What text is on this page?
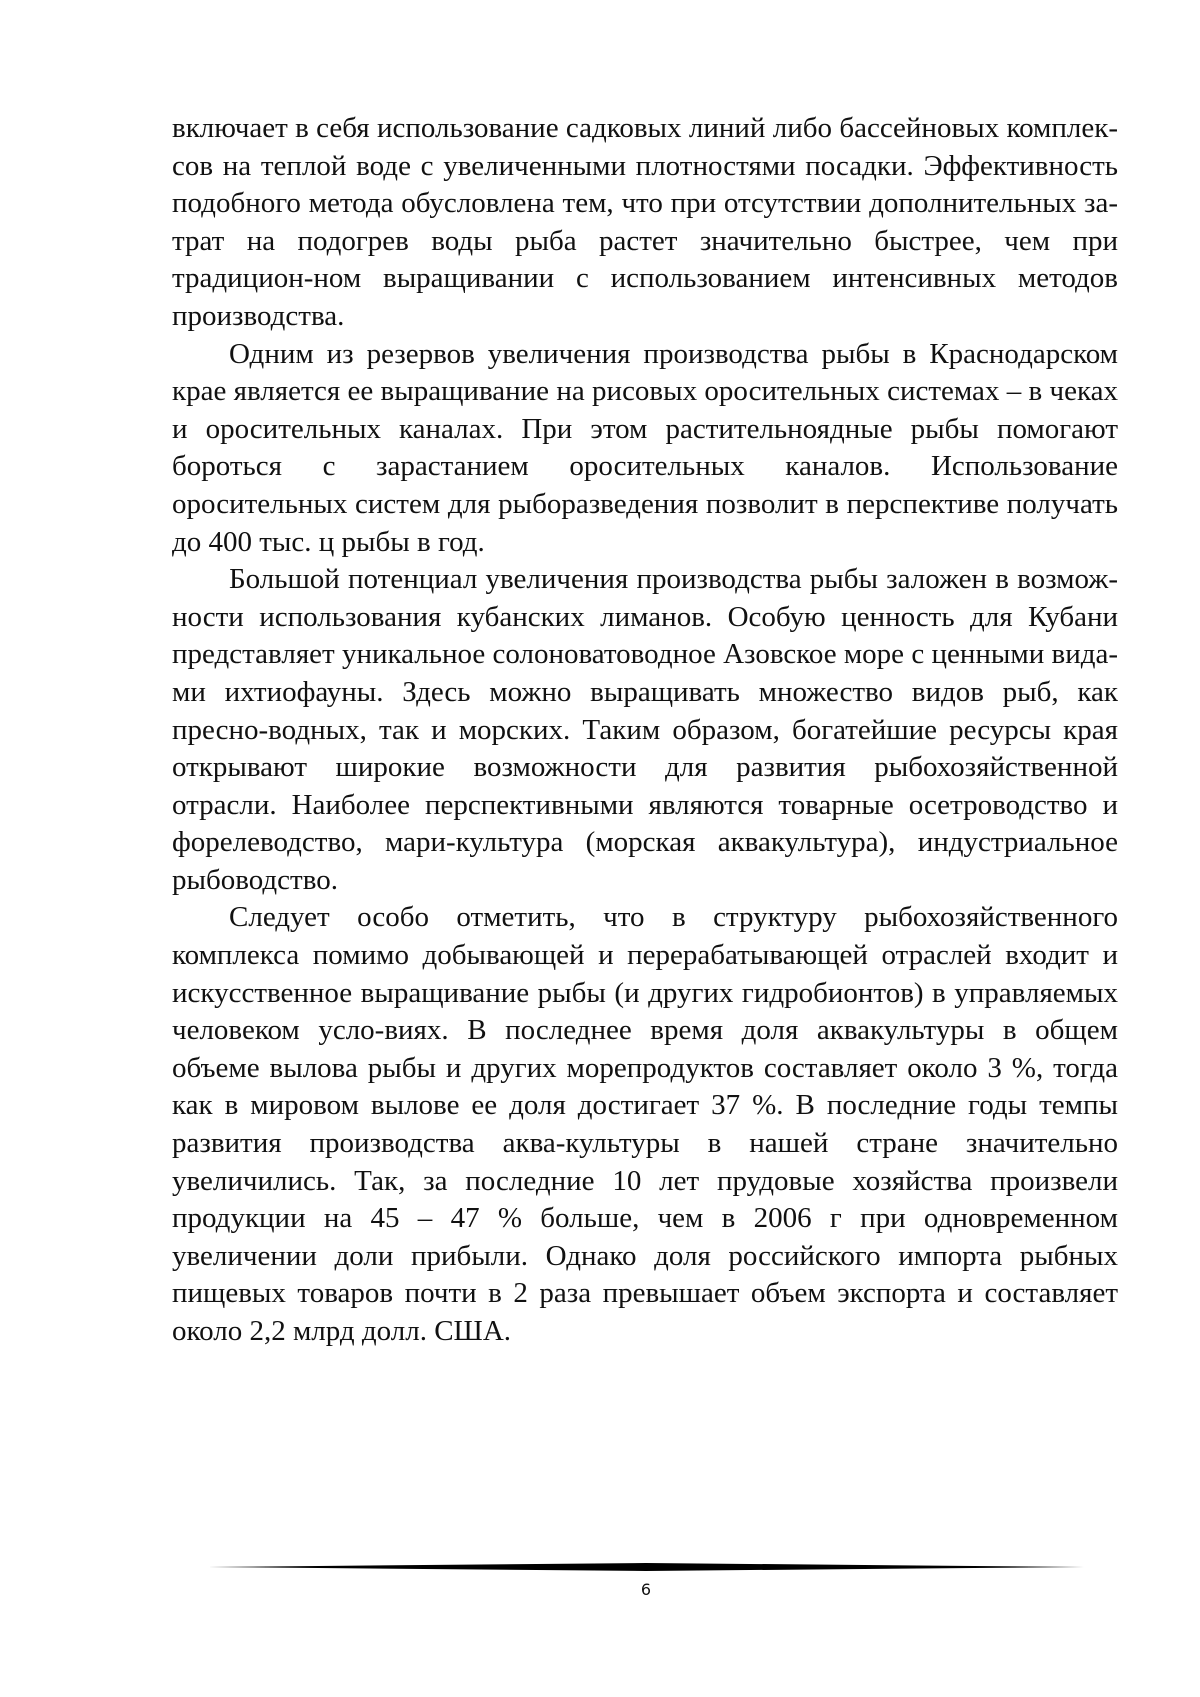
включает в себя использование садковых линий либо бассейновых комплек-сов на теплой воде с увеличенными плотностями посадки. Эффективность подобного метода обусловлена тем, что при отсутствии дополнительных за-трат на подогрев воды рыба растет значительно быстрее, чем при традицион-ном выращивании с использованием интенсивных методов производства.

Одним из резервов увеличения производства рыбы в Краснодарском крае является ее выращивание на рисовых оросительных системах – в чеках и оросительных каналах. При этом растительноядные рыбы помогают бороться с зарастанием оросительных каналов. Использование оросительных систем для рыборазведения позволит в перспективе получать до 400 тыс. ц рыбы в год.

Большой потенциал увеличения производства рыбы заложен в возмож-ности использования кубанских лиманов. Особую ценность для Кубани представляет уникальное солоноватоводное Азовское море с ценными вида-ми ихтиофауны. Здесь можно выращивать множество видов рыб, как пресно-водных, так и морских. Таким образом, богатейшие ресурсы края открывают широкие возможности для развития рыбохозяйственной отрасли. Наиболее перспективными являются товарные осетроводство и форелеводство, мари-культура (морская аквакультура), индустриальное рыбоводство.

Следует особо отметить, что в структуру рыбохозяйственного комплекса помимо добывающей и перерабатывающей отраслей входит и искусственное выращивание рыбы (и других гидробионтов) в управляемых человеком усло-виях. В последнее время доля аквакультуры в общем объеме вылова рыбы и других морепродуктов составляет около 3 %, тогда как в мировом вылове ее доля достигает 37 %. В последние годы темпы развития производства аква-культуры в нашей стране значительно увеличились. Так, за последние 10 лет прудовые хозяйства произвели продукции на 45 – 47 % больше, чем в 2006 г при одновременном увеличении доли прибыли. Однако доля российского импорта рыбных пищевых товаров почти в 2 раза превышает объем экспорта и составляет около 2,2 млрд долл. США.

6
